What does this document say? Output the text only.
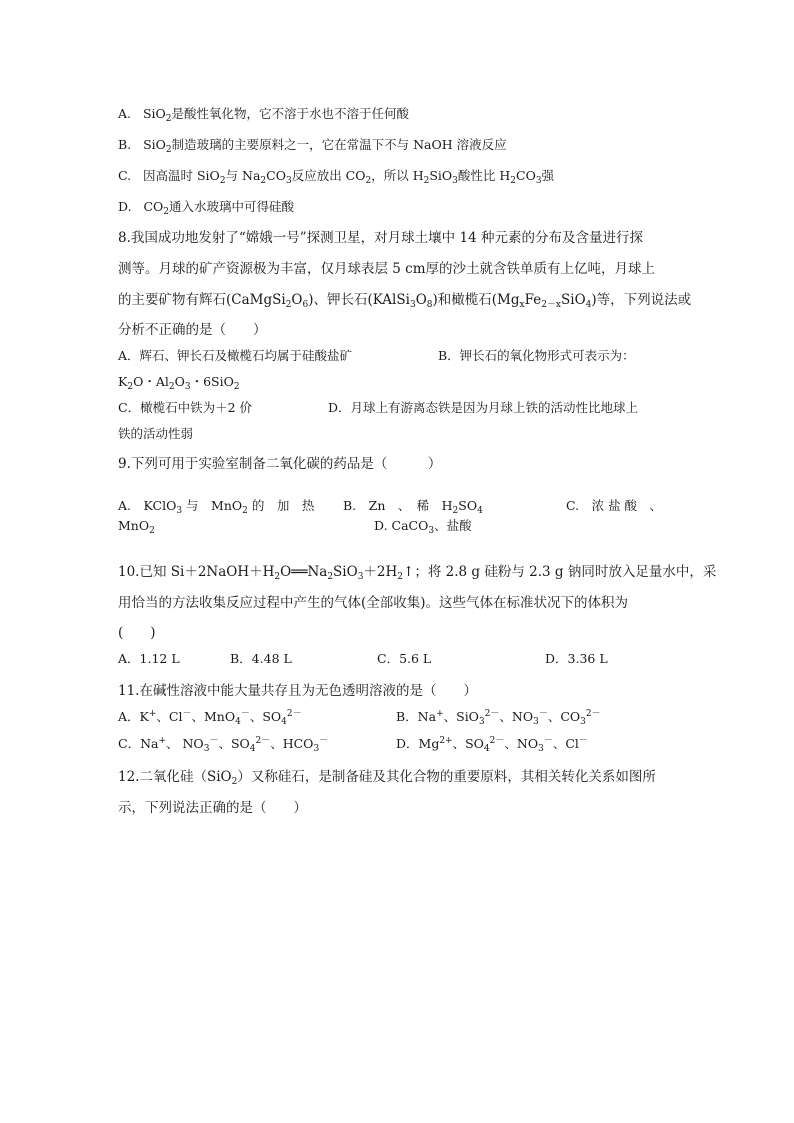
A. SiO$_2$是酸性氧化物，它不溶于水也不溶于任何酸
B. SiO$_2$制造玻璃的主要原料之一，它在常温下不与 NaOH 溶液反应
C. 因高温时 SiO$_2$与 $Na_2CO_3$反应放出 $CO_2$，所以 $H_2SiO_3$酸性比 $H_2CO_3$强
D. $CO_2$通入水玻璃中可得硅酸
8.我国成功地发射了“嫦娥一号”探测卫星，对月球土壤中 14 种元素的分布及含量进行探
测等。月球的矿产资源极为丰富，仅月球表层 5 cm厚的沙土就含铁单质有上亿吨，月球上
的主要矿物有辉石$(CaMgSi_2O_6)$、钾长石$(KAlSi_3O_8)$和橄榄石$(Mg_xFe_{2-x}SiO_4)$等，下列说法或
分析不正确的是（　　）
A．辉石、钾长石及橄榄石均属于硅酸盐矿	B．钾长石的氧化物形式可表示为：
$K_2O$・$Al_2O_3$・6SiO$_2$
C．橄榄石中铁为＋2 价	D．月球上有游离态铁是因为月球上铁的活动性比地球上
铁的活动性弱
9.下列可用于实验室制备二氧化碳的药品是（　　　）
A.　KClO$_3$ 与　MnO$_2$ 的　加　热 B.　Zn　、　稀　$H_2SO_4$	C.　浓 盐 酸　、
MnO$_2$	D. CaCO$_3$、盐酸
10.已知 $Si+2NaOH+H_2O══Na_2SiO_3+2H_2↑$；将 2.8 g 硅粉与 2.3 g 钠同时放入足量水中，采
用恰当的方法收集反应过程中产生的气体(全部收集)。这些气体在标准状况下的体积为
(　　)
A．1.12 L	B．4.48 L	C．5.6 L	D．3.36 L
11.在碱性溶液中能大量共存且为无色透明溶液的是（　　）
A．K+、Cl－、MnO$_4$－、$SO_4^{2-}$	B．Na+、SiO$_3^{2-}$、$NO_3^-$、$CO_3^{2-}$
C．Na+、 $NO_3^-$、$SO_4^{2-}$、$HCO_3^-$	D．$Mg^{2+}$、$SO_4^{2-}$、$NO_3^-$、Cl－
12.二氧化硅（SiO$_2$）又称硅石，是制备硅及其化合物的重要原料，其相关转化关系如图所
示，下列说法正确的是（　　）
